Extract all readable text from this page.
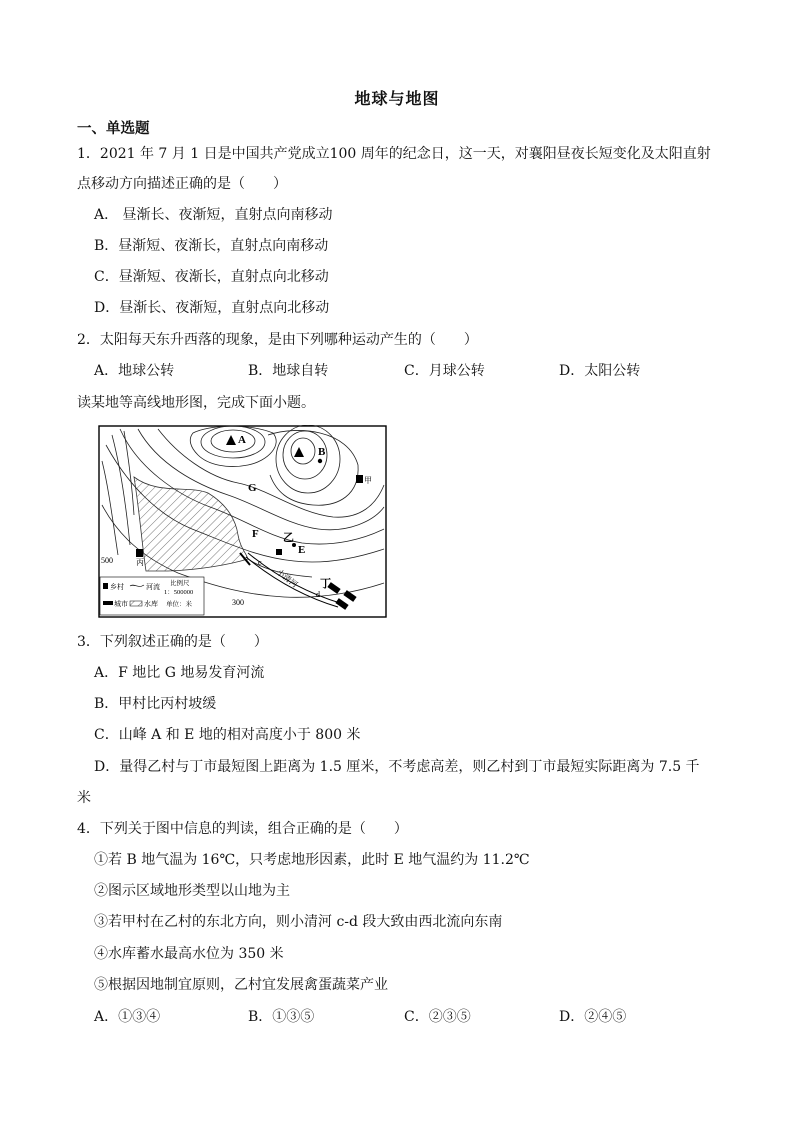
地球与地图
一、单选题
1．2021 年 7 月 1 日是中国共产党成立100 周年的纪念日，这一天，对襄阳昼夜长短变化及太阳直射
点移动方向描述正确的是（　　）
A． 昼渐长、夜渐短，直射点向南移动
B．昼渐短、夜渐长，直射点向南移动
C．昼渐短、夜渐长，直射点向北移动
D．昼渐长、夜渐短，直射点向北移动
2．太阳每天东升西落的现象，是由下列哪种运动产生的（　　）
A．地球公转	B．地球自转	C．月球公转	D．太阳公转
读某地等高线地形图，完成下面小题。
A
B
G
F
E
乙
丁
甲
丙	c
d
小清河
500
300
乡村	河流 比例尺
1：500000
城市 水库 单位：米
3．下列叙述正确的是（　　）
A．F 地比 G 地易发育河流
B．甲村比丙村坡缓
C．山峰 A 和 E 地的相对高度小于 800 米
D．量得乙村与丁市最短图上距离为 1.5 厘米，不考虑高差，则乙村到丁市最短实际距离为 7.5 千
米
4．下列关于图中信息的判读，组合正确的是（　　）
①若 B 地气温为 16℃，只考虑地形因素，此时 E 地气温约为 11.2℃
②图示区域地形类型以山地为主
③若甲村在乙村的东北方向，则小清河 c-d 段大致由西北流向东南
④水库蓄水最高水位为 350 米
⑤根据因地制宜原则，乙村宜发展禽蛋蔬菜产业
A．①③④	B．①③⑤	C．②③⑤	D．②④⑤
